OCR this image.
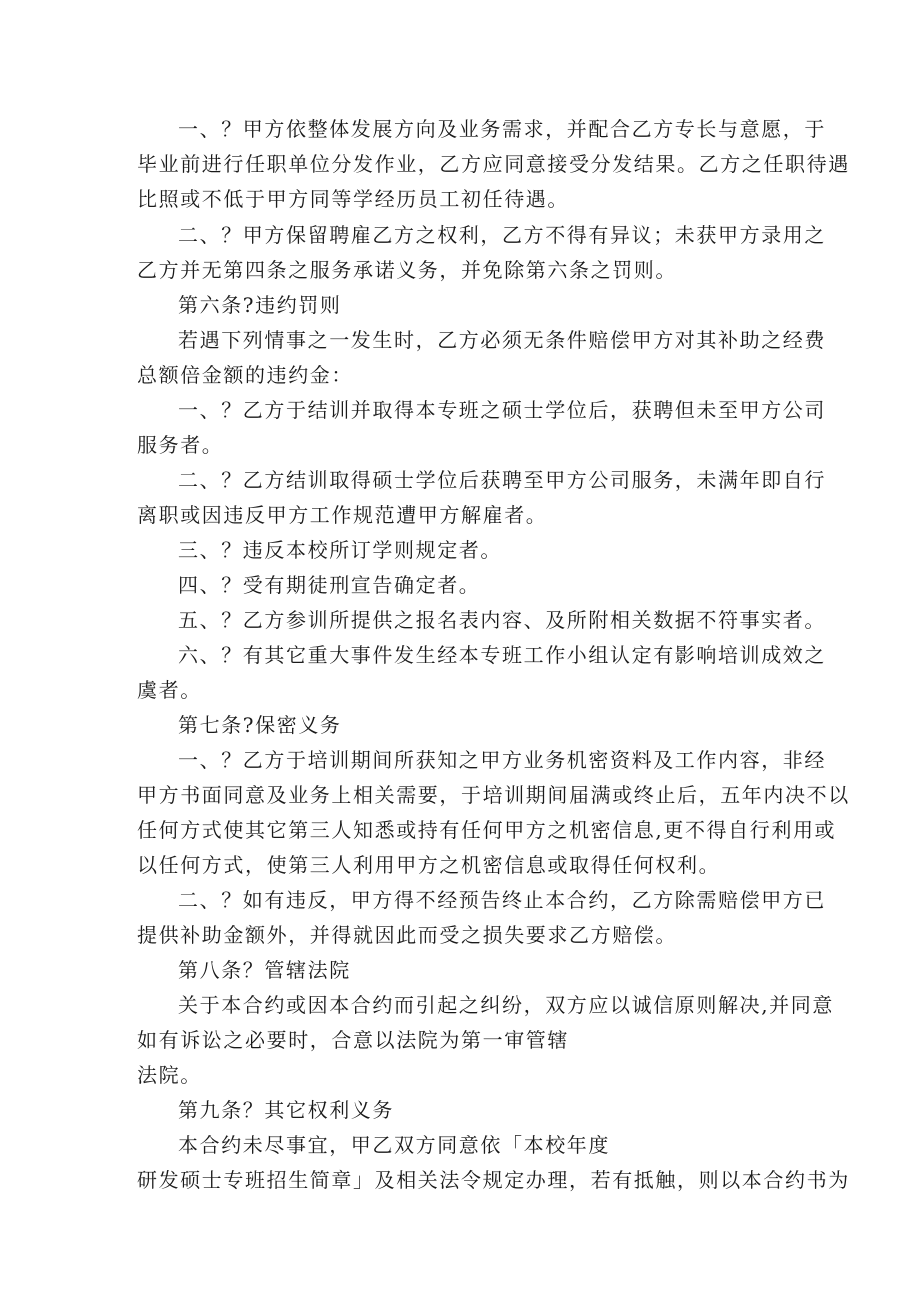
一、？甲方依整体发展方向及业务需求，并配合乙方专长与意愿，于

毕业前进行任职单位分发作业，乙方应同意接受分发结果。乙方之任职待遇

比照或不低于甲方同等学经历员工初任待遇。

二、？甲方保留聘雇乙方之权利，乙方不得有异议；未获甲方录用之

乙方并无第四条之服务承诺义务，并免除第六条之罚则。

第六条?违约罚则

若遇下列情事之一发生时，乙方必须无条件赔偿甲方对其补助之经费

总额倍金额的违约金：

一、？乙方于结训并取得本专班之硕士学位后，获聘但未至甲方公司

服务者。

二、？乙方结训取得硕士学位后获聘至甲方公司服务，未满年即自行

离职或因违反甲方工作规范遭甲方解雇者。

三、？违反本校所订学则规定者。

四、？受有期徒刑宣告确定者。

五、？乙方参训所提供之报名表内容、及所附相关数据不符事实者。

六、？有其它重大事件发生经本专班工作小组认定有影响培训成效之

虞者。

第七条?保密义务

一、？乙方于培训期间所获知之甲方业务机密资料及工作内容，非经

甲方书面同意及业务上相关需要，于培训期间届满或终止后，五年内决不以

任何方式使其它第三人知悉或持有任何甲方之机密信息,更不得自行利用或

以任何方式，使第三人利用甲方之机密信息或取得任何权利。

二、？如有违反，甲方得不经预告终止本合约，乙方除需赔偿甲方已

提供补助金额外，并得就因此而受之损失要求乙方赔偿。

第八条？管辖法院

关于本合约或因本合约而引起之纠纷，双方应以诚信原则解决,并同意

如有诉讼之必要时，合意以法院为第一审管辖

法院。

第九条？其它权利义务

本合约未尽事宜，甲乙双方同意依「本校年度

研发硕士专班招生简章」及相关法令规定办理，若有抵触，则以本合约书为
